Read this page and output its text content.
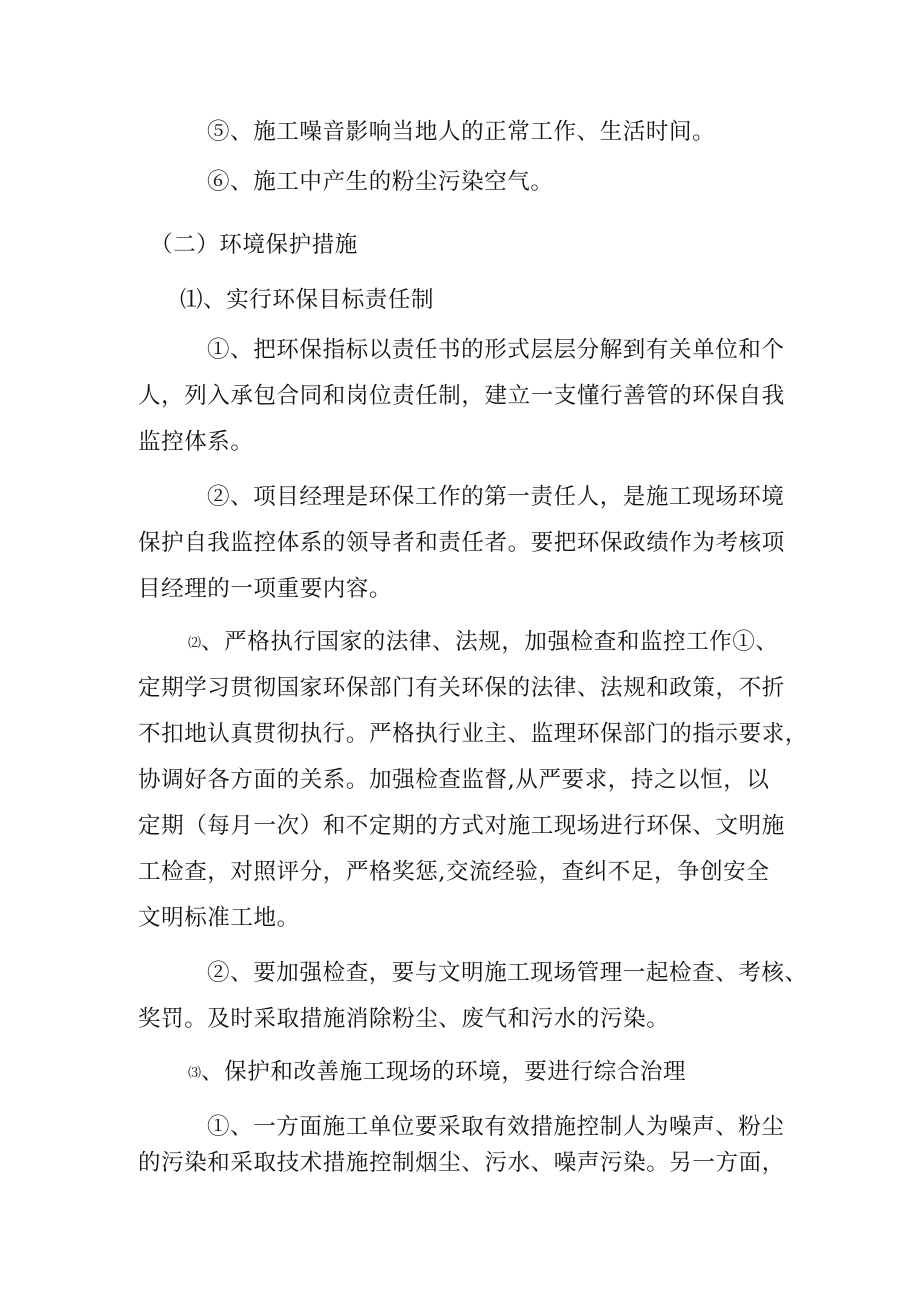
⑤、施工噪音影响当地人的正常工作、生活时间。
⑥、施工中产生的粉尘污染空气。
（二）环境保护措施
⑴、实行环保目标责任制
①、把环保指标以责任书的形式层层分解到有关单位和个
人，列入承包合同和岗位责任制，建立一支懂行善管的环保自我
监控体系。
②、项目经理是环保工作的第一责任人，是施工现场环境
保护自我监控体系的领导者和责任者。要把环保政绩作为考核项
目经理的一项重要内容。
⑵、严格执行国家的法律、法规，加强检查和监控工作①、
定期学习贯彻国家环保部门有关环保的法律、法规和政策，不折
不扣地认真贯彻执行。严格执行业主、监理环保部门的指示要求，
协调好各方面的关系。加强检查监督,从严要求，持之以恒，以
定期（每月一次）和不定期的方式对施工现场进行环保、文明施
工检查，对照评分，严格奖惩,交流经验，查纠不足，争创安全
文明标准工地。
②、要加强检查，要与文明施工现场管理一起检查、考核、
奖罚。及时采取措施消除粉尘、废气和污水的污染。
⑶、保护和改善施工现场的环境，要进行综合治理
①、一方面施工单位要采取有效措施控制人为噪声、粉尘
的污染和采取技术措施控制烟尘、污水、噪声污染。另一方面，
